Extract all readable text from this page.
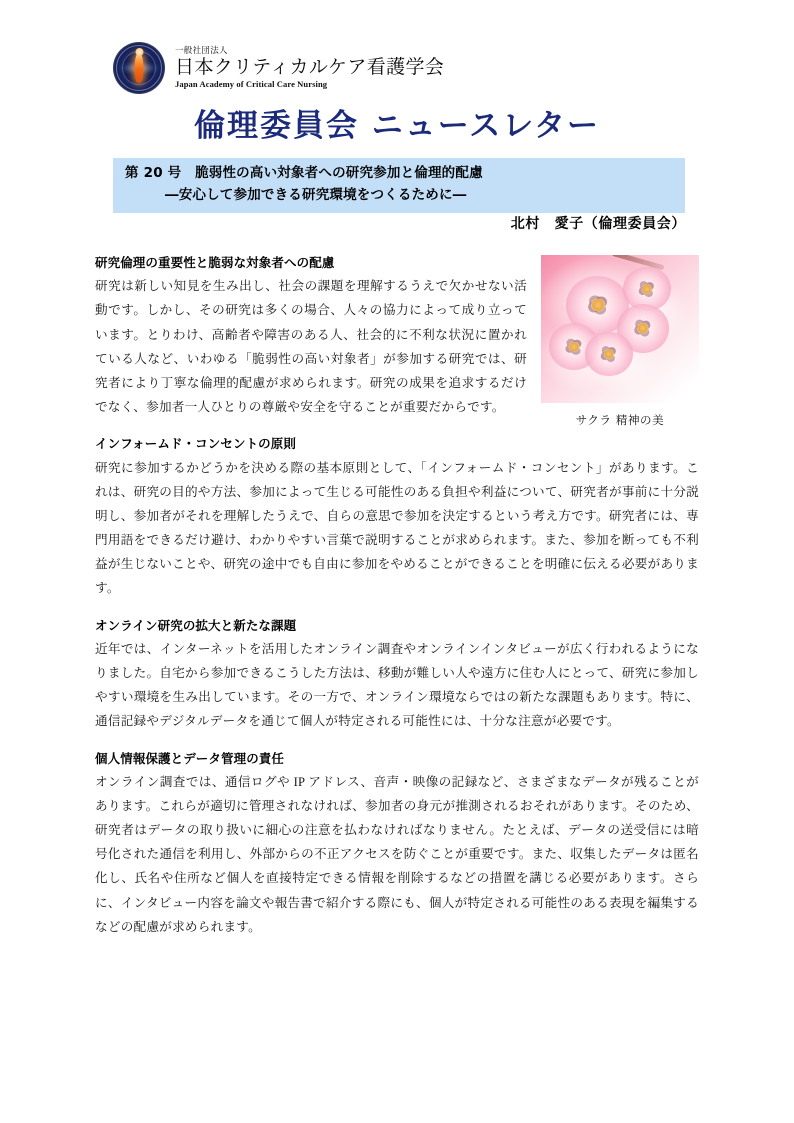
一般社団法人
日本クリティカルケア看護学会
Japan Academy of Critical Care Nursing
倫理委員会 ニュースレター
第 20 号　脆弱性の高い対象者への研究参加と倫理的配慮
―安心して参加できる研究環境をつくるために―
北村　愛子（倫理委員会）
サクラ 精神の美
研究倫理の重要性と脆弱な対象者への配慮

研究は新しい知見を生み出し、社会の課題を理解するうえで欠かせない活動です。しかし、その研究は多くの場合、人々の協力によって成り立っています。とりわけ、高齢者や障害のある人、社会的に不利な状況に置かれている人など、いわゆる「脆弱性の高い対象者」が参加する研究では、研究者により丁寧な倫理的配慮が求められます。研究の成果を追求するだけでなく、参加者一人ひとりの尊厳や安全を守ることが重要だからです。

インフォームド・コンセントの原則

研究に参加するかどうかを決める際の基本原則として、「インフォームド・コンセント」があります。これは、研究の目的や方法、参加によって生じる可能性のある負担や利益について、研究者が事前に十分説明し、参加者がそれを理解したうえで、自らの意思で参加を決定するという考え方です。研究者には、専門用語をできるだけ避け、わかりやすい言葉で説明することが求められます。また、参加を断っても不利益が生じないことや、研究の途中でも自由に参加をやめることができることを明確に伝える必要があります。

オンライン研究の拡大と新たな課題

近年では、インターネットを活用したオンライン調査やオンラインインタビューが広く行われるようになりました。自宅から参加できるこうした方法は、移動が難しい人や遠方に住む人にとって、研究に参加しやすい環境を生み出しています。その一方で、オンライン環境ならではの新たな課題もあります。特に、通信記録やデジタルデータを通じて個人が特定される可能性には、十分な注意が必要です。

個人情報保護とデータ管理の責任

オンライン調査では、通信ログや IP アドレス、音声・映像の記録など、さまざまなデータが残ることがあります。これらが適切に管理されなければ、参加者の身元が推測されるおそれがあります。そのため、研究者はデータの取り扱いに細心の注意を払わなければなりません。たとえば、データの送受信には暗号化された通信を利用し、外部からの不正アクセスを防ぐことが重要です。また、収集したデータは匿名化し、氏名や住所など個人を直接特定できる情報を削除するなどの措置を講じる必要があります。さらに、インタビュー内容を論文や報告書で紹介する際にも、個人が特定される可能性のある表現を編集するなどの配慮が求められます。
